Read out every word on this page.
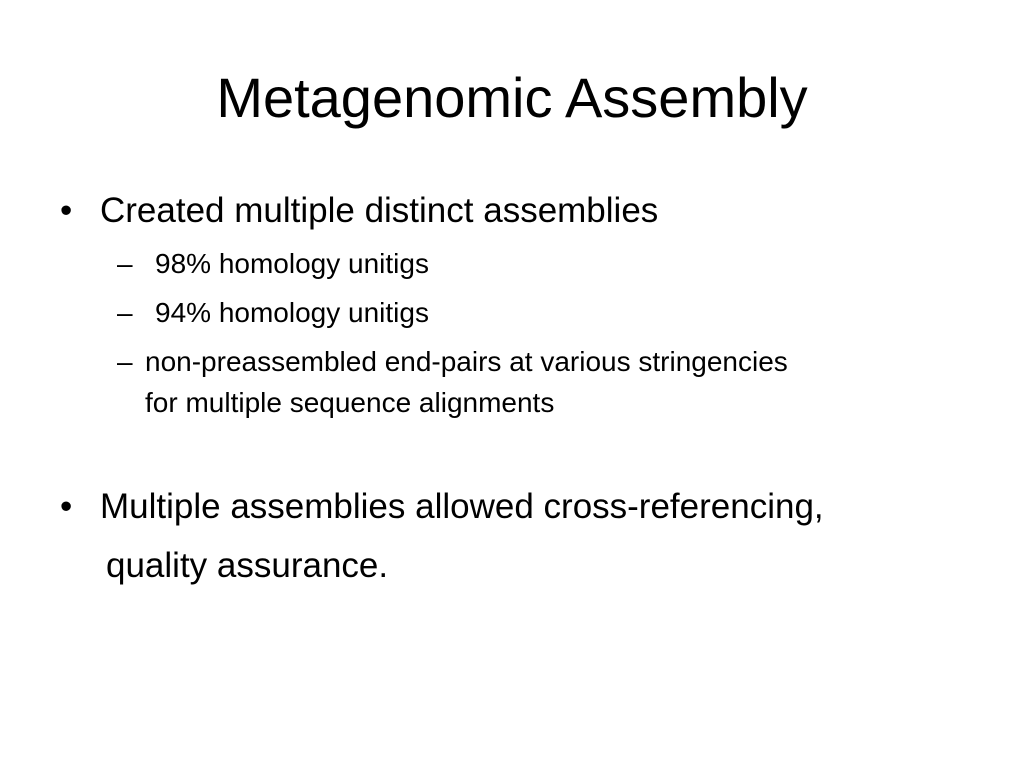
Metagenomic Assembly
• Created multiple distinct assemblies

– 98% homology unitigs

– 94% homology unitigs

– non-preassembled end-pairs at various stringencies

for multiple sequence alignments

• Multiple assemblies allowed cross-referencing,

quality assurance.
